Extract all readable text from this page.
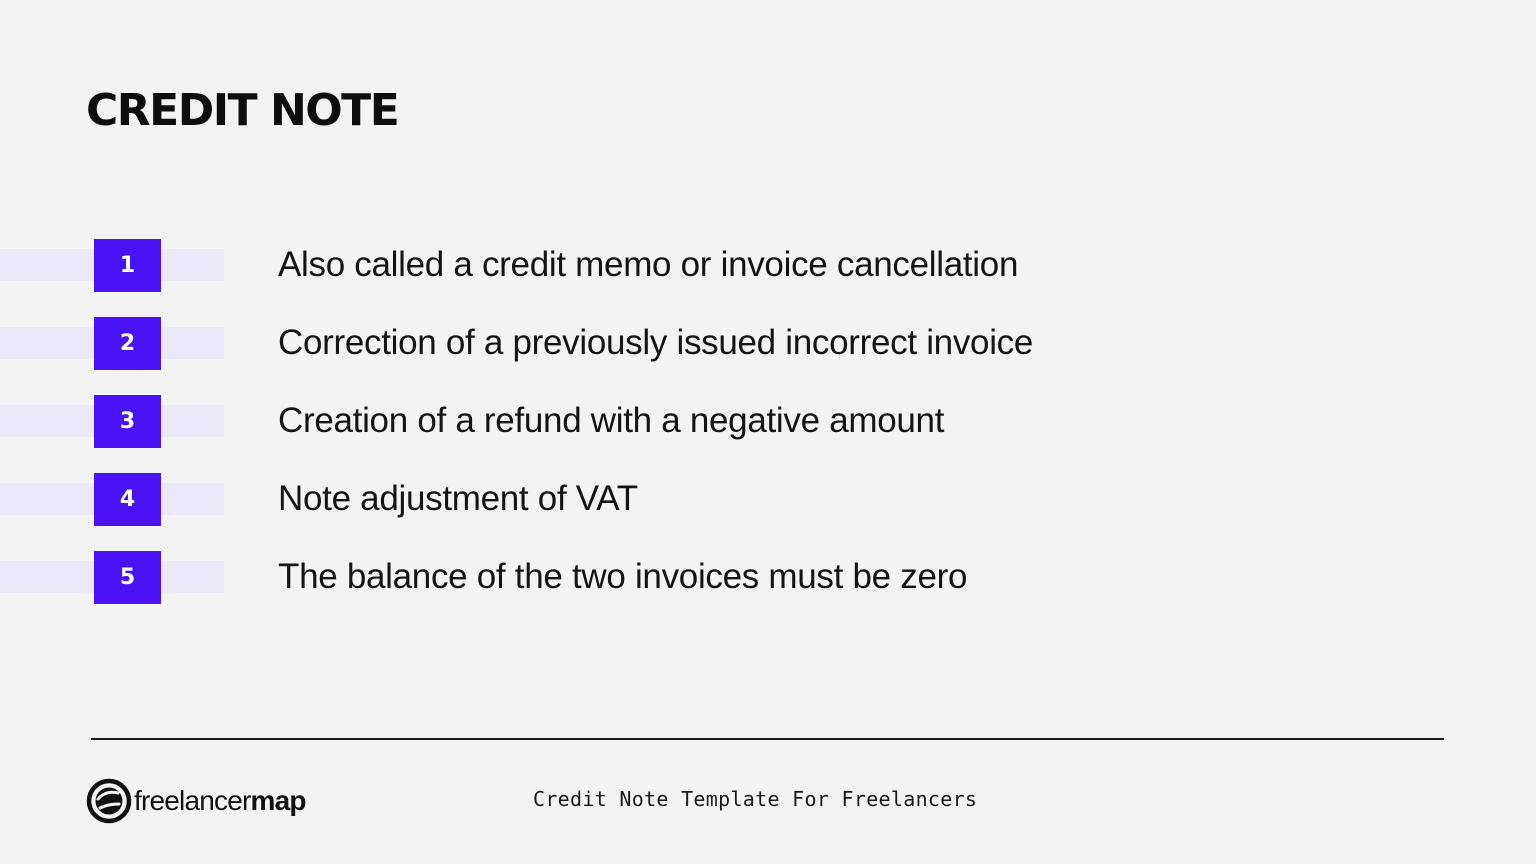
CREDIT NOTE
1	Also called a credit memo or invoice cancellation
2	Correction of a previously issued incorrect invoice
3	Creation of a refund with a negative amount
4	Note adjustment of VAT
5	The balance of the two invoices must be zero
freelancermap	Credit Note Template For Freelancers
